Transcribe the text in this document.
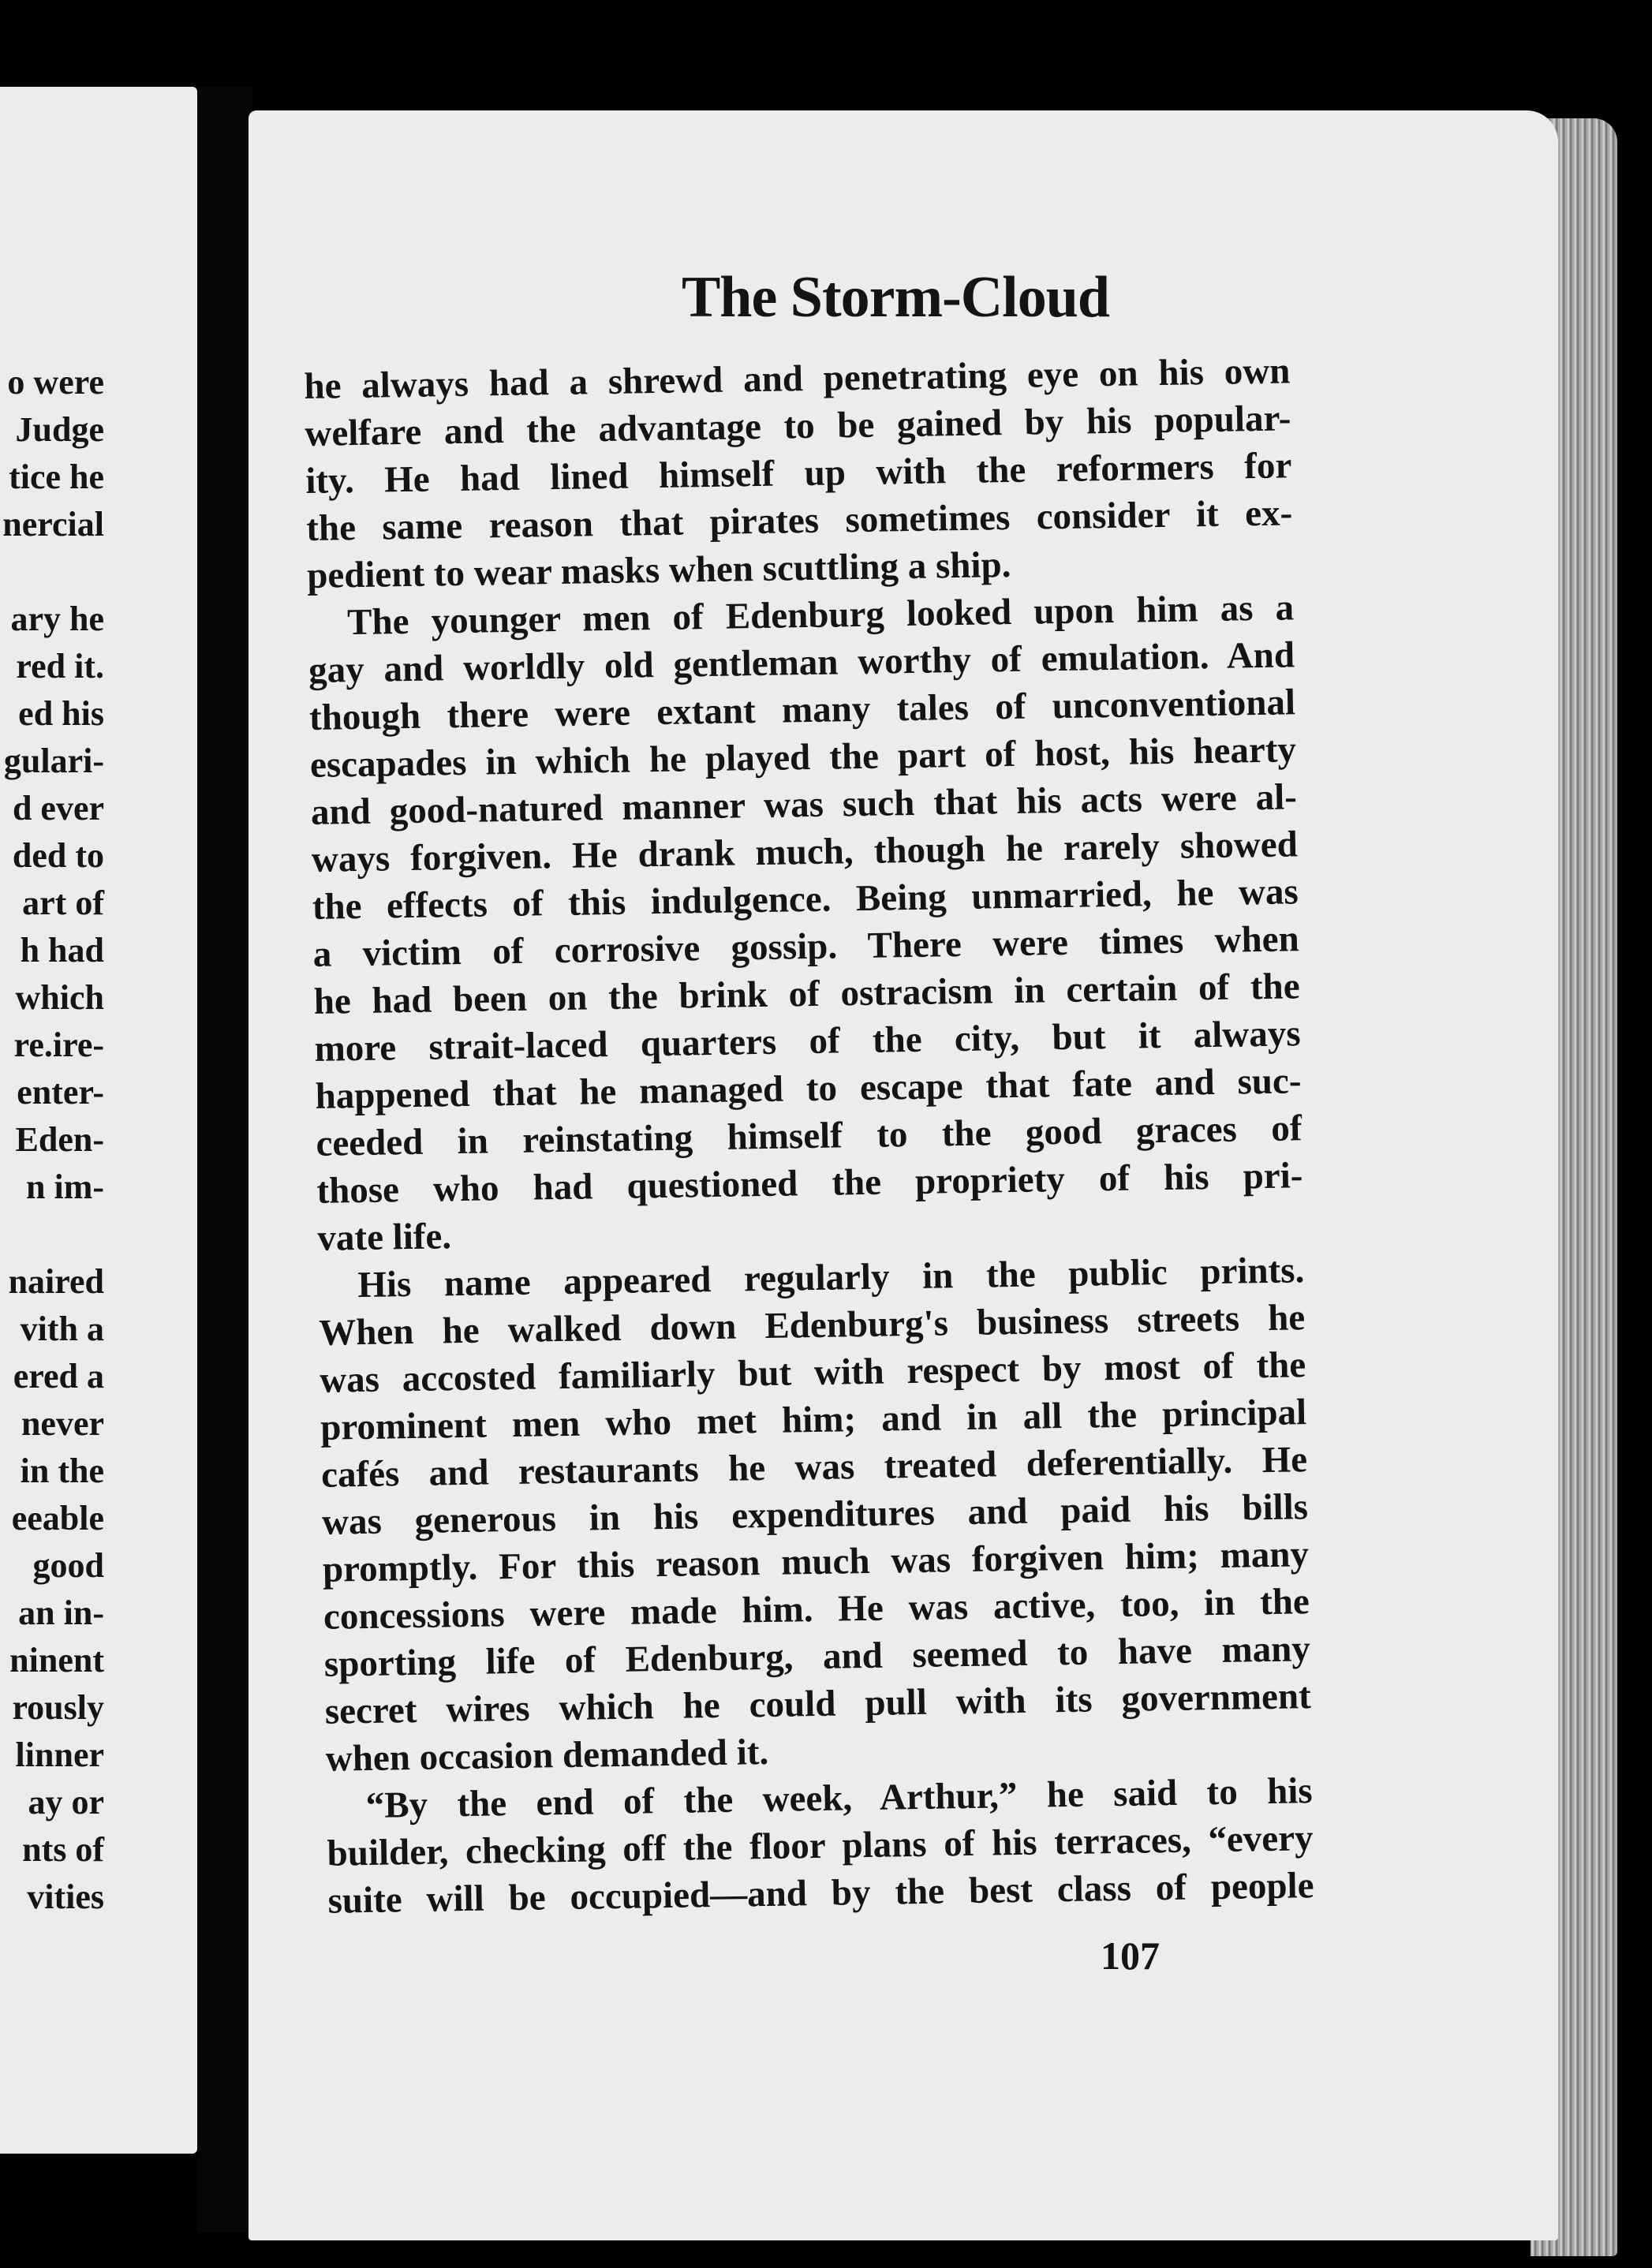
o were
Judge
tice he
nercial
ary he
red it.
ed his
gulari-
d ever
ded to
art of
h had
which
re.ire-
enter-
Eden-
n im-
naired
vith a
ered a
never
in the
eeable
good
an in-
ninent
rously
linner
ay or
nts of
vities
The Storm-Cloud
he always had a shrewd and penetrating eye on his own
welfare and the advantage to be gained by his popular-
ity. He had lined himself up with the reformers for
the same reason that pirates sometimes consider it ex-
pedient to wear masks when scuttling a ship.
The younger men of Edenburg looked upon him as a
gay and worldly old gentleman worthy of emulation. And
though there were extant many tales of unconventional
escapades in which he played the part of host, his hearty
and good-natured manner was such that his acts were al-
ways forgiven. He drank much, though he rarely showed
the effects of this indulgence. Being unmarried, he was
a victim of corrosive gossip. There were times when
he had been on the brink of ostracism in certain of the
more strait-laced quarters of the city, but it always
happened that he managed to escape that fate and suc-
ceeded in reinstating himself to the good graces of
those who had questioned the propriety of his pri-
vate life.
His name appeared regularly in the public prints.
When he walked down Edenburg's business streets he
was accosted familiarly but with respect by most of the
prominent men who met him; and in all the principal
cafés and restaurants he was treated deferentially. He
was generous in his expenditures and paid his bills
promptly. For this reason much was forgiven him; many
concessions were made him. He was active, too, in the
sporting life of Edenburg, and seemed to have many
secret wires which he could pull with its government
when occasion demanded it.
“By the end of the week, Arthur,” he said to his
builder, checking off the floor plans of his terraces, “every
suite will be occupied—and by the best class of people
107
